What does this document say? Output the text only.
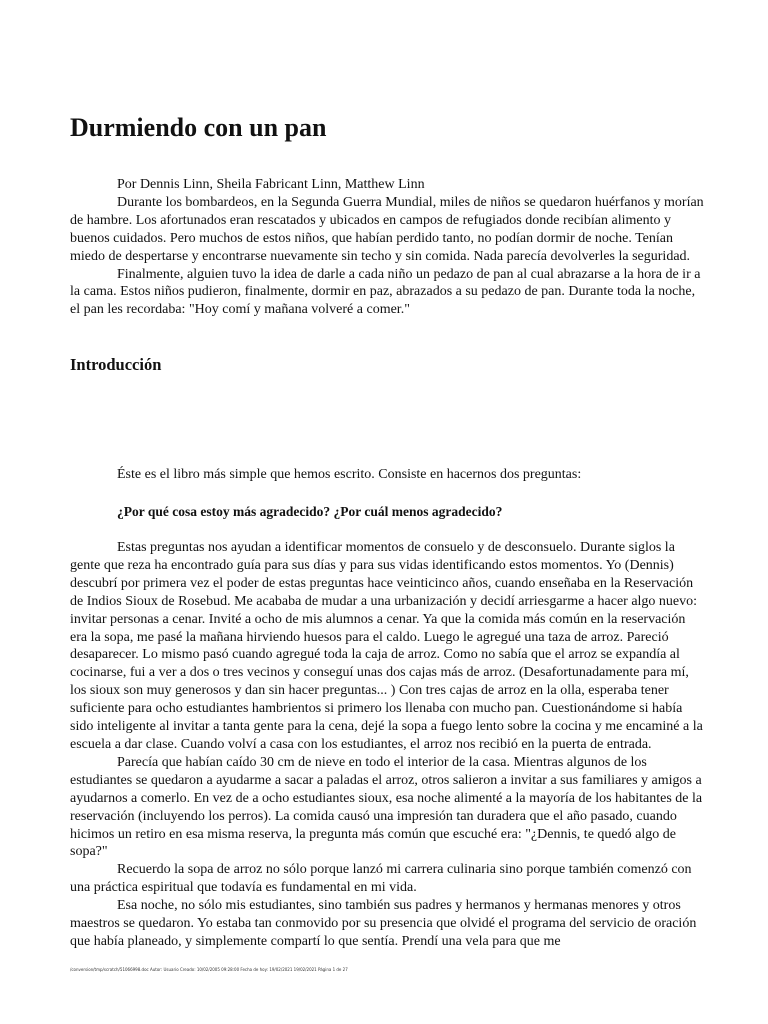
Durmiendo con un pan

Por Dennis Linn, Sheila Fabricant Linn, Matthew Linn

Durante los bombardeos, en la Segunda Guerra Mundial, miles de niños se quedaron huérfanos y morían de hambre. Los afortunados eran rescatados y ubicados en campos de refugiados donde recibían alimento y buenos cuidados. Pero muchos de estos niños, que habían perdido tanto, no podían dormir de noche. Tenían miedo de despertarse y encontrarse nuevamente sin techo y sin comida. Nada parecía devolverles la seguridad.

Finalmente, alguien tuvo la idea de darle a cada niño un pedazo de pan al cual abrazarse a la hora de ir a la cama. Estos niños pudieron, finalmente, dormir en paz, abrazados a su pedazo de pan. Durante toda la noche, el pan les recordaba: "Hoy comí y mañana volveré a comer."

Introducción

Éste es el libro más simple que hemos escrito. Consiste en hacernos dos preguntas:

¿Por qué cosa estoy más agradecido? ¿Por cuál menos agradecido?

Estas preguntas nos ayudan a identificar momentos de consuelo y de desconsuelo. Durante siglos la gente que reza ha encontrado guía para sus días y para sus vidas identificando estos momentos. Yo (Dennis) descubrí por primera vez el poder de estas preguntas hace veinticinco años, cuando enseñaba en la Reservación de Indios Sioux de Rosebud. Me acababa de mudar a una urbanización y decidí arriesgarme a hacer algo nuevo: invitar personas a cenar. Invité a ocho de mis alumnos a cenar. Ya que la comida más común en la reservación era la sopa, me pasé la mañana hirviendo huesos para el caldo. Luego le agregué una taza de arroz. Pareció desaparecer. Lo mismo pasó cuando agregué toda la caja de arroz. Como no sabía que el arroz se expandía al cocinarse, fui a ver a dos o tres vecinos y conseguí unas dos cajas más de arroz. (Desafortunadamente para mí, los sioux son muy generosos y dan sin hacer preguntas... ) Con tres cajas de arroz en la olla, esperaba tener suficiente para ocho estudiantes hambrientos si primero los llenaba con mucho pan. Cuestionándome si había sido inteligente al invitar a tanta gente para la cena, dejé la sopa a fuego lento sobre la cocina y me encaminé a la escuela a dar clase. Cuando volví a casa con los estudiantes, el arroz nos recibió en la puerta de entrada.

Parecía que habían caído 30 cm de nieve en todo el interior de la casa. Mientras algunos de los estudiantes se quedaron a ayudarme a sacar a paladas el arroz, otros salieron a invitar a sus familiares y amigos a ayudarnos a comerlo. En vez de a ocho estudiantes sioux, esa noche alimenté a la mayoría de los habitantes de la reservación (incluyendo los perros). La comida causó una impresión tan duradera que el año pasado, cuando hicimos un retiro en esa misma reserva, la pregunta más común que escuché era: "¿Dennis, te quedó algo de sopa?"

Recuerdo la sopa de arroz no sólo porque lanzó mi carrera culinaria sino porque también comenzó con una práctica espiritual que todavía es fundamental en mi vida.

Esa noche, no sólo mis estudiantes, sino también sus padres y hermanos y hermanas menores y otros maestros se quedaron. Yo estaba tan conmovido por su presencia que olvidé el programa del servicio de oración que había planeado, y simplemente compartí lo que sentía. Prendí una vela para que me

/conversion/tmp/scratch/51066998.doc Autor: Usuario Creado: 10/02/2005 09:28:00 Fecha de hoy: 19/02/2021 19/02/2021 Página 1 de 27
